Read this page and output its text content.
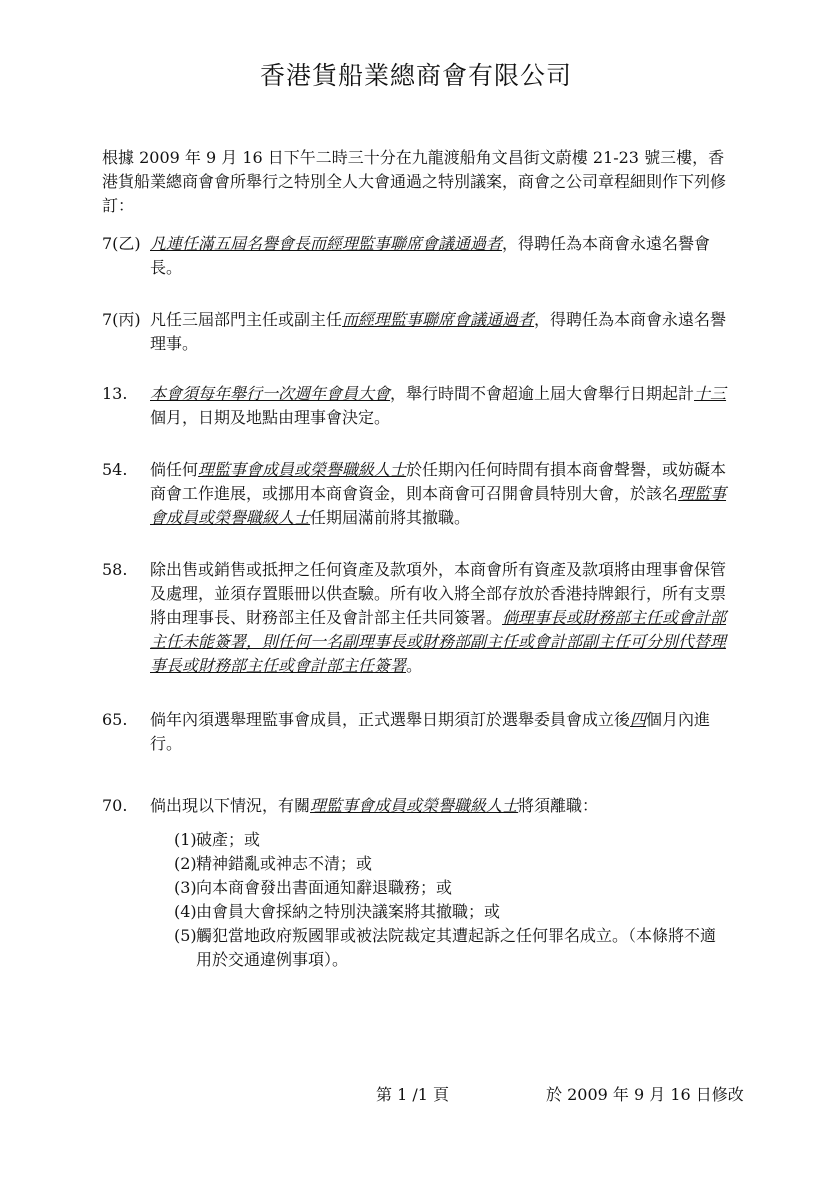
香港貨船業總商會有限公司
根據 2009 年 9 月 16 日下午二時三十分在九龍渡船角文昌街文蔚樓 21-23 號三樓，香港貨船業總商會會所舉行之特別全人大會通過之特別議案，商會之公司章程細則作下列修訂：
7(乙) 凡連任滿五屆名譽會長而經理監事聯席會議通過者，得聘任為本商會永遠名譽會長。
7(丙) 凡任三屆部門主任或副主任而經理監事聯席會議通過者，得聘任為本商會永遠名譽理事。
13.	本會須每年舉行一次週年會員大會，舉行時間不會超逾上屆大會舉行日期起計十三個月，日期及地點由理事會決定。
54.	倘任何理監事會成員或榮譽職級人士於任期內任何時間有損本商會聲譽，或妨礙本商會工作進展，或挪用本商會資金，則本商會可召開會員特別大會，於該名理監事會成員或榮譽職級人士任期屆滿前將其撤職。
58.	除出售或銷售或抵押之任何資產及款項外，本商會所有資產及款項將由理事會保管及處理，並須存置賬冊以供查驗。所有收入將全部存放於香港持牌銀行，所有支票將由理事長、財務部主任及會計部主任共同簽署。倘理事長或財務部主任或會計部主任未能簽署，則任何一名副理事長或財務部副主任或會計部副主任可分別代替理事長或財務部主任或會計部主任簽署。
65.	倘年內須選舉理監事會成員，正式選舉日期須訂於選舉委員會成立後四個月內進行。
70.	倘出現以下情況，有關理監事會成員或榮譽職級人士將須離職：
(1) 破產；或
(2) 精神錯亂或神志不清；或
(3) 向本商會發出書面通知辭退職務；或
(4) 由會員大會採納之特別決議案將其撤職；或
(5) 觸犯當地政府叛國罪或被法院裁定其遭起訴之任何罪名成立。（本條將不適用於交通違例事項）。
第 1 /1 頁	於 2009 年 9 月 16 日修改
